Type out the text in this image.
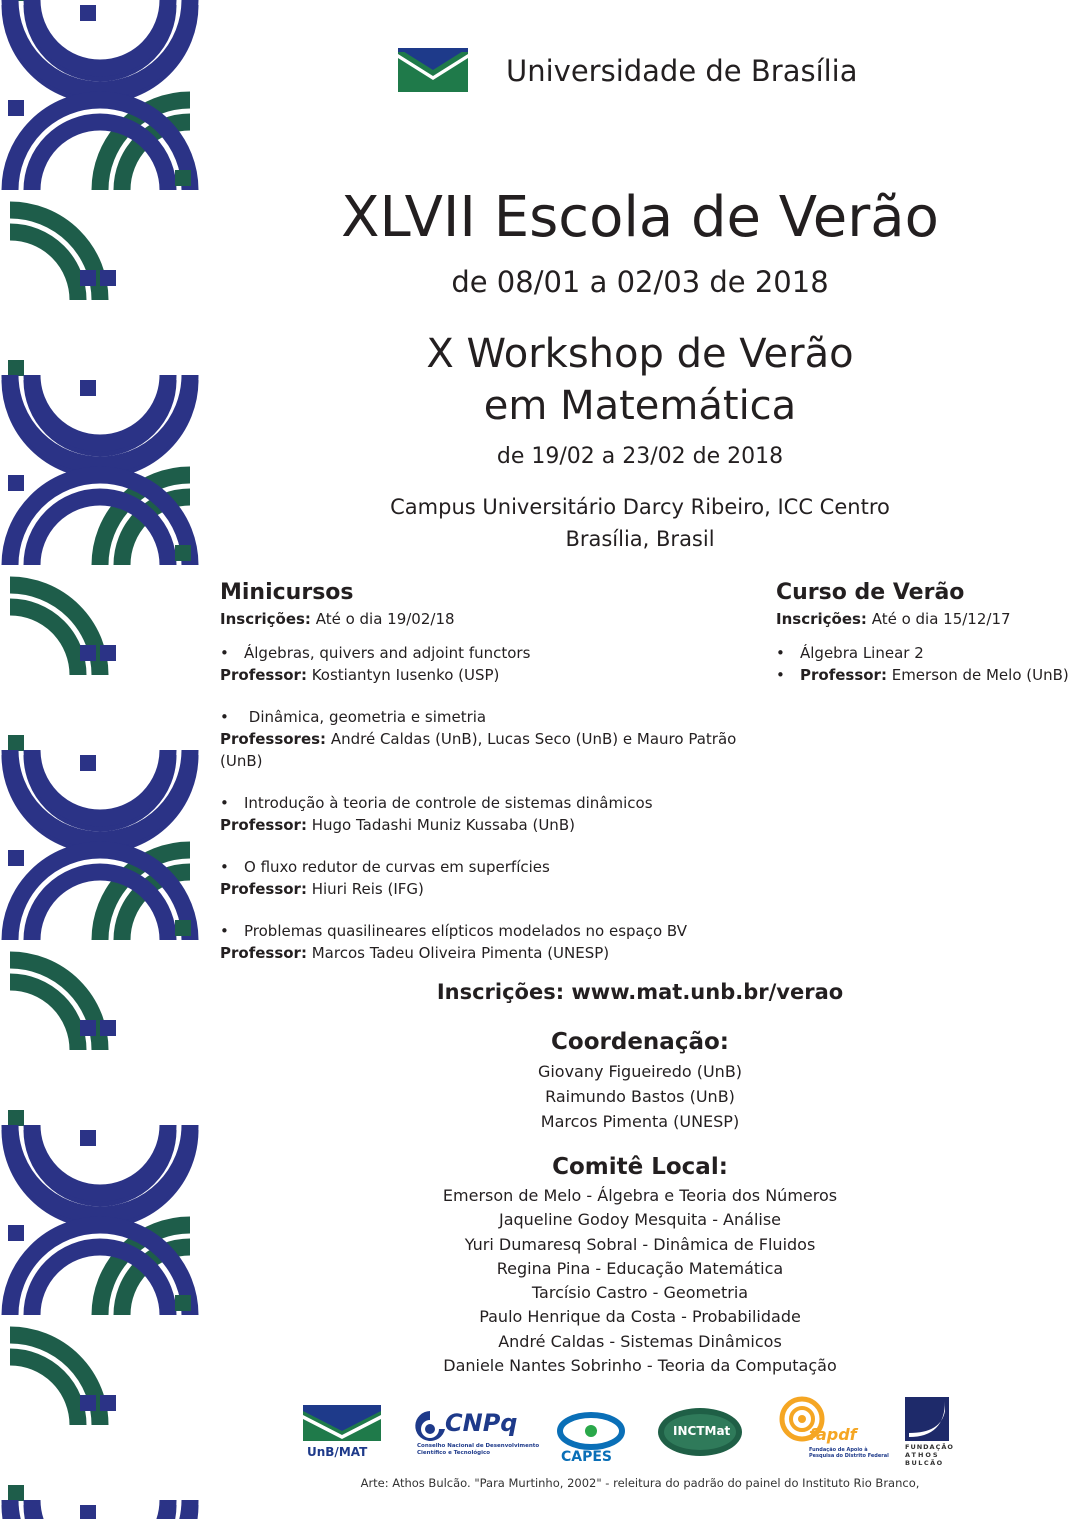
Universidade de Brasília
XLVII Escola de Verão
de 08/01 a 02/03 de 2018
X Workshop de Verão
em Matemática
de 19/02 a 23/02 de 2018
Campus Universitário Darcy Ribeiro, ICC Centro
Brasília, Brasil
Minicursos

Inscrições: Até o dia 19/02/18

• Álgebras, quivers and adjoint functors
Professor: Kostiantyn Iusenko (USP)
• Dinâmica, geometria e simetria
Professores: André Caldas (UnB), Lucas Seco (UnB) e Mauro Patrão (UnB)
• Introdução à teoria de controle de sistemas dinâmicos
Professor: Hugo Tadashi Muniz Kussaba (UnB)
• O fluxo redutor de curvas em superfícies
Professor: Hiuri Reis (IFG)
• Problemas quasilineares elípticos modelados no espaço BV
Professor: Marcos Tadeu Oliveira Pimenta (UNESP)
Curso de Verão

Inscrições: Até o dia 15/12/17

• Álgebra Linear 2
• Professor: Emerson de Melo (UnB)
Inscrições: www.mat.unb.br/verao
Coordenação:
Giovany Figueiredo (UnB)
Raimundo Bastos (UnB)
Marcos Pimenta (UNESP)
Comitê Local:
Emerson de Melo - Álgebra e Teoria dos Números
Jaqueline Godoy Mesquita - Análise
Yuri Dumaresq Sobral - Dinâmica de Fluidos
Regina Pina - Educação Matemática
Tarcísio Castro - Geometria
Paulo Henrique da Costa - Probabilidade
André Caldas - Sistemas Dinâmicos
Daniele Nantes Sobrinho - Teoria da Computação
UnB/MAT
CNPq
Conselho Nacional de Desenvolvimento
Científico e Tecnológico	CAPES
INCTMat	fapdf
Fundação de Apoio à
Pesquisa do Distrito Federal
FUNDAÇÃO
ATHOS
BULCÃO
Arte: Athos Bulcão. "Para Murtinho, 2002" - releitura do padrão do painel do Instituto Rio Branco,
